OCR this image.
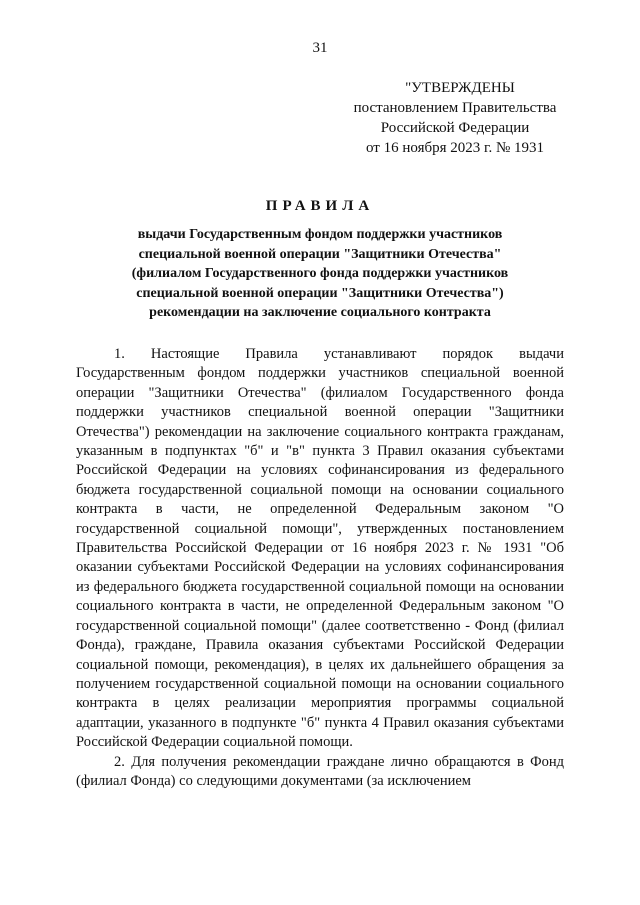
31
"УТВЕРЖДЕНЫ
постановлением Правительства
Российской Федерации
от 16 ноября 2023 г. № 1931
ПРАВИЛА
выдачи Государственным фондом поддержки участников
специальной военной операции "Защитники Отечества"
(филиалом Государственного фонда поддержки участников
специальной военной операции "Защитники Отечества")
рекомендации на заключение социального контракта

1. Настоящие Правила устанавливают порядок выдачи Государственным фондом поддержки участников специальной военной операции "Защитники Отечества" (филиалом Государственного фонда поддержки участников специальной военной операции "Защитники Отечества") рекомендации на заключение социального контракта гражданам, указанным в подпунктах "б" и "в" пункта 3 Правил оказания субъектами Российской Федерации на условиях софинансирования из федерального бюджета государственной социальной помощи на основании социального контракта в части, не определенной Федеральным законом "О государственной социальной помощи", утвержденных постановлением Правительства Российской Федерации от 16 ноября 2023 г. № 1931 "Об оказании субъектами Российской Федерации на условиях софинансирования из федерального бюджета государственной социальной помощи на основании социального контракта в части, не определенной Федеральным законом "О государственной социальной помощи" (далее соответственно - Фонд (филиал Фонда), граждане, Правила оказания субъектами Российской Федерации социальной помощи, рекомендация), в целях их дальнейшего обращения за получением государственной социальной помощи на основании социального контракта в целях реализации мероприятия программы социальной адаптации, указанного в подпункте "б" пункта 4 Правил оказания субъектами Российской Федерации социальной помощи.

2. Для получения рекомендации граждане лично обращаются в Фонд (филиал Фонда) со следующими документами (за исключением
